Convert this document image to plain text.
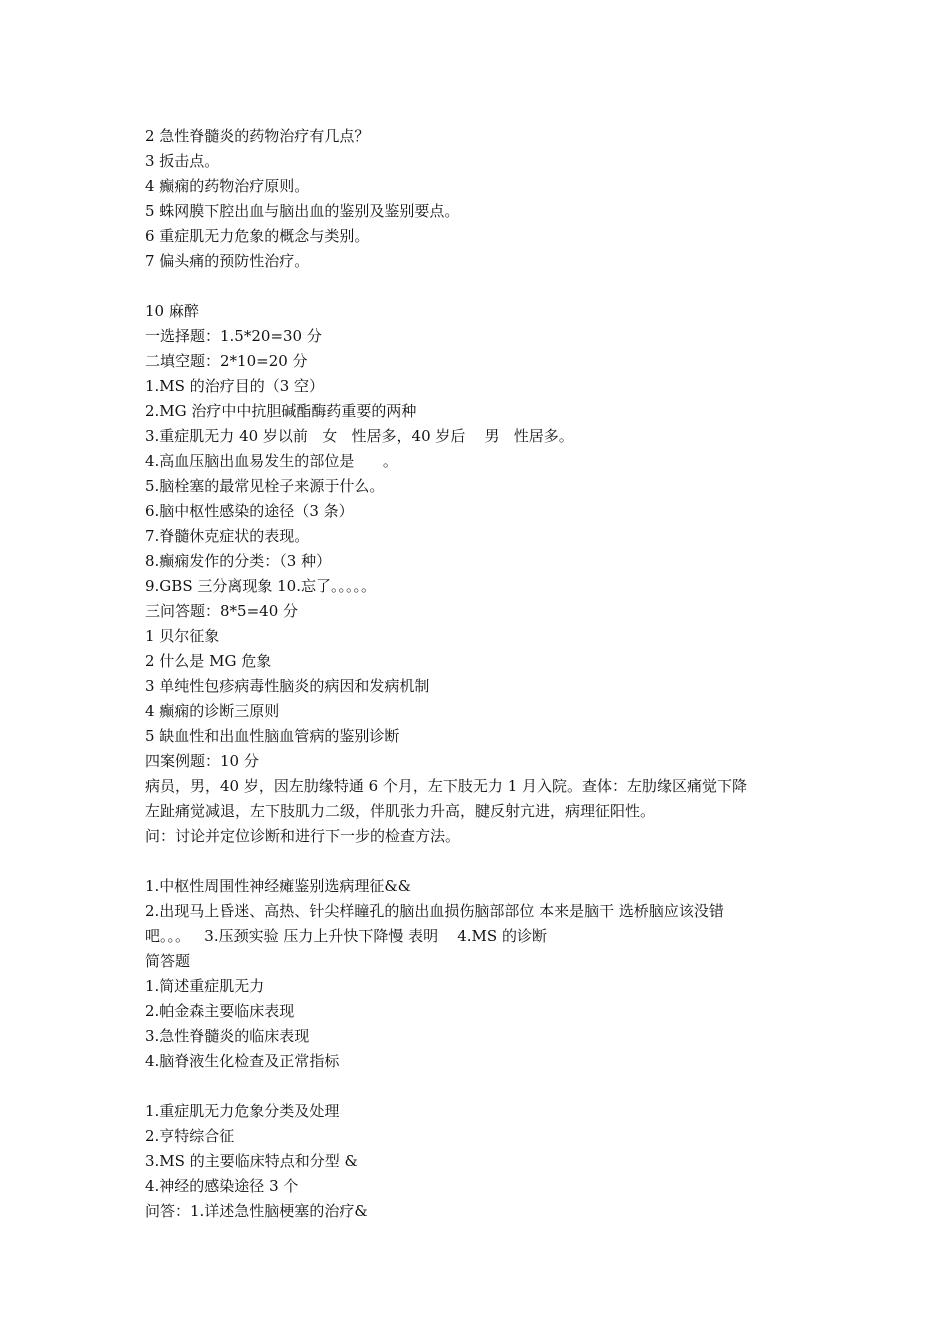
2 急性脊髓炎的药物治疗有几点？
3 扳击点。
4 癫痫的药物治疗原则。
5 蛛网膜下腔出血与脑出血的鉴别及鉴别要点。
6 重症肌无力危象的概念与类别。
7 偏头痛的预防性治疗。
10 麻醉
一选择题：1.5*20=30 分
二填空题：2*10=20 分
1.MS 的治疗目的（3 空）
2.MG 治疗中中抗胆碱酯酶药重要的两种
3.重症肌无力 40 岁以前   女   性居多，40 岁后    男   性居多。
4.高血压脑出血易发生的部位是      。
5.脑栓塞的最常见栓子来源于什么。
6.脑中枢性感染的途径（3 条）
7.脊髓休克症状的表现。
8.癫痫发作的分类：（3 种）
9.GBS 三分离现象 10.忘了。。。。。
三问答题：8*5=40 分
1 贝尔征象
2 什么是 MG 危象
3 单纯性包疹病毒性脑炎的病因和发病机制
4 癫痫的诊断三原则
5 缺血性和出血性脑血管病的鉴别诊断
四案例题：10 分
病员，男，40 岁，因左肋缘特通 6 个月，左下肢无力 1 月入院。查体：左肋缘区痛觉下降
左趾痛觉减退，左下肢肌力二级，伴肌张力升高，腱反射亢进，病理征阳性。
问：讨论并定位诊断和进行下一步的检查方法。
1.中枢性周围性神经瘫鉴别选病理征&&
2.出现马上昏迷、高热、针尖样瞳孔的脑出血损伤脑部部位 本来是脑干 选桥脑应该没错
吧。。。   3.压颈实验 压力上升快下降慢 表明    4.MS 的诊断
简答题
1.简述重症肌无力
2.帕金森主要临床表现
3.急性脊髓炎的临床表现
4.脑脊液生化检查及正常指标
1.重症肌无力危象分类及处理
2.亨特综合征
3.MS 的主要临床特点和分型 &
4.神经的感染途径 3 个
问答：1.详述急性脑梗塞的治疗&
